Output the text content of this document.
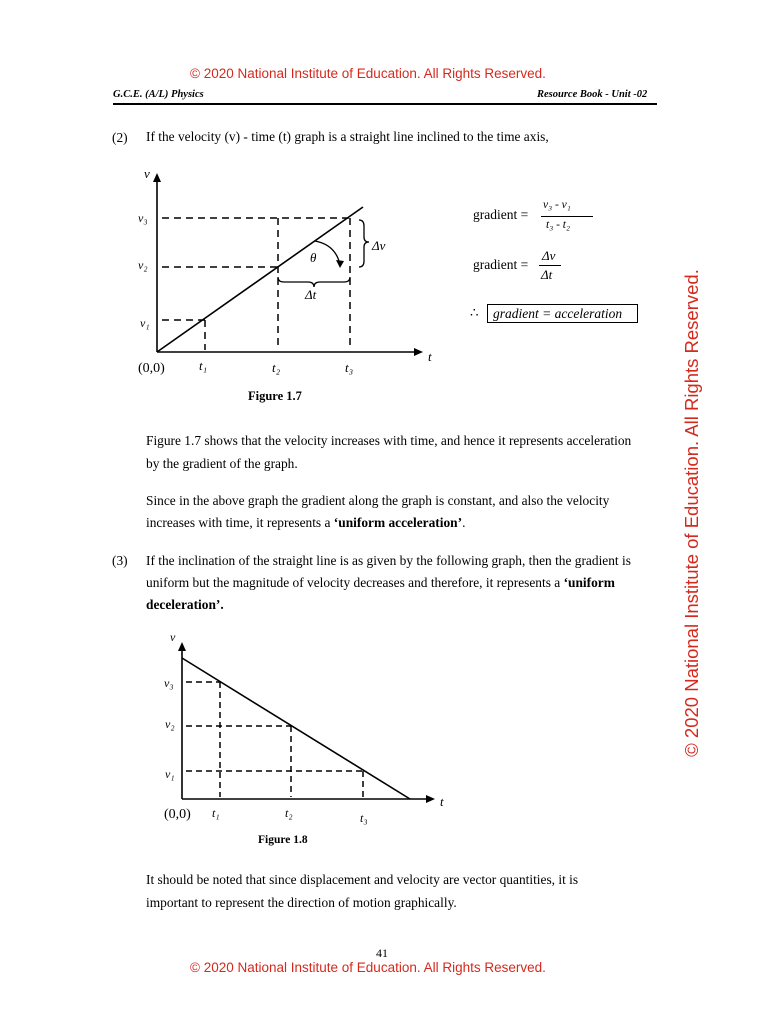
© 2020 National Institute of Education. All Rights Reserved.
G.C.E. (A/L) Physics	Resource Book - Unit -02
© 2020 National Institute of Education. All Rights Reserved.
(2) If the velocity (v) - time (t) graph is a straight line inclined to the time axis,
v
t
v₃
v₂
v₁
(0,0)	t₁	t₂	t₃
θ
Δv
Δt
Figure 1.7
gradient =
v₃ - v₁
t₃ - t₂
gradient =
Δv
Δt
∴ gradient = acceleration
Figure 1.7 shows that the velocity increases with time, and hence it represents acceleration
by the gradient of the graph.
Since in the above graph the gradient along the graph is constant, and also the velocity
increases with time, it represents a ‘uniform acceleration’.
(3) If the inclination of the straight line is as given by the following graph, then the gradient is
uniform but the magnitude of velocity decreases and therefore, it represents a ‘uniform
deceleration’.
v
t
v₃
v₂
v₁
(0,0) t₁	t₂	t₃
Figure 1.8
It should be noted that since displacement and velocity are vector quantities, it is
important to represent the direction of motion graphically.
41
© 2020 National Institute of Education. All Rights Reserved.
